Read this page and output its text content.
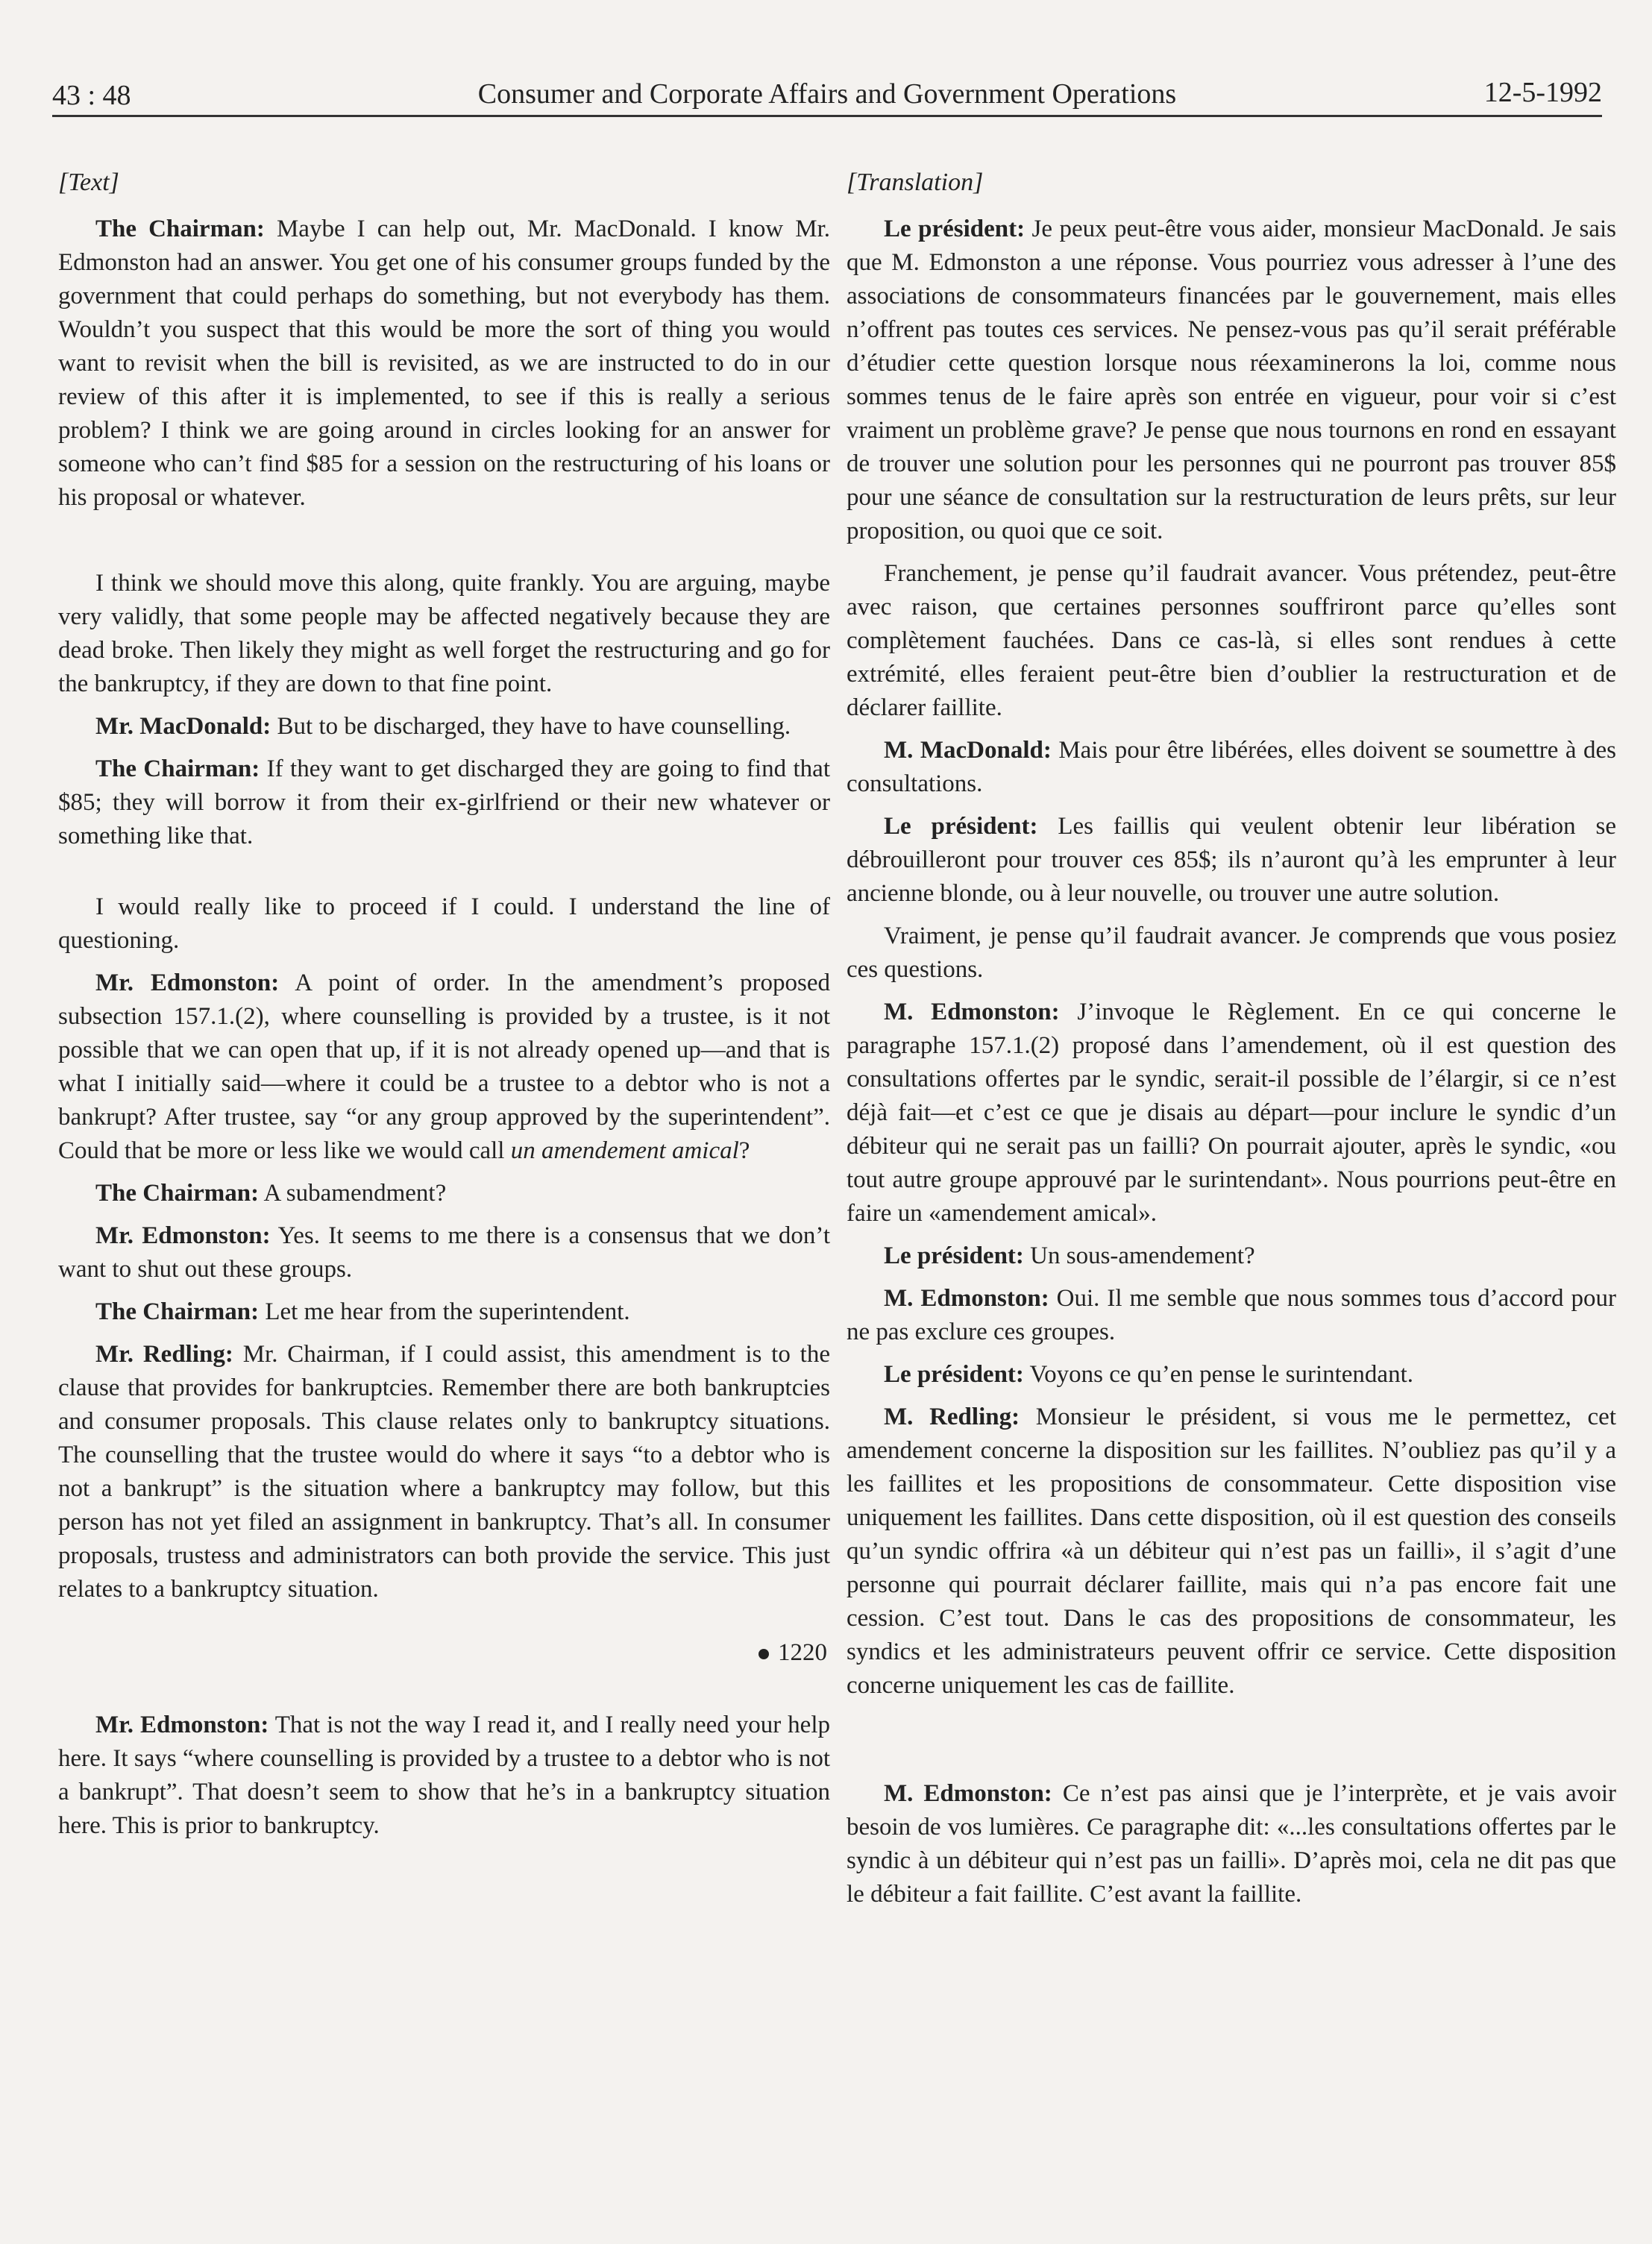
43 : 48	Consumer and Corporate Affairs and Government Operations	12-5-1992

[Text]

The Chairman: Maybe I can help out, Mr. MacDonald. I know Mr. Edmonston had an answer. You get one of his consumer groups funded by the government that could perhaps do something, but not everybody has them. Wouldn’t you suspect that this would be more the sort of thing you would want to revisit when the bill is revisited, as we are instructed to do in our review of this after it is implemented, to see if this is really a serious problem? I think we are going around in circles looking for an answer for someone who can’t find $85 for a session on the restructuring of his loans or his proposal or whatever.

I think we should move this along, quite frankly. You are arguing, maybe very validly, that some people may be affected negatively because they are dead broke. Then likely they might as well forget the restructuring and go for the bankruptcy, if they are down to that fine point.

Mr. MacDonald: But to be discharged, they have to have counselling.

The Chairman: If they want to get discharged they are going to find that $85; they will borrow it from their ex-girlfriend or their new whatever or something like that.

I would really like to proceed if I could. I understand the line of questioning.

Mr. Edmonston: A point of order. In the amendment’s proposed subsection 157.1.(2), where counselling is provided by a trustee, is it not possible that we can open that up, if it is not already opened up—and that is what I initially said—where it could be a trustee to a debtor who is not a bankrupt? After trustee, say “or any group approved by the superintendent”. Could that be more or less like we would call un amendement amical?

The Chairman: A subamendment?

Mr. Edmonston: Yes. It seems to me there is a consensus that we don’t want to shut out these groups.

The Chairman: Let me hear from the superintendent.

Mr. Redling: Mr. Chairman, if I could assist, this amendment is to the clause that provides for bankruptcies. Remember there are both bankruptcies and consumer proposals. This clause relates only to bankruptcy situations. The counselling that the trustee would do where it says “to a debtor who is not a bankrupt” is the situation where a bankruptcy may follow, but this person has not yet filed an assignment in bankruptcy. That’s all. In consumer proposals, trustess and administrators can both provide the service. This just relates to a bankruptcy situation.

1220

Mr. Edmonston: That is not the way I read it, and I really need your help here. It says “where counselling is provided by a trustee to a debtor who is not a bankrupt”. That doesn’t seem to show that he’s in a bankruptcy situation here. This is prior to bankruptcy.

[Translation]

Le président: Je peux peut-être vous aider, monsieur MacDonald. Je sais que M. Edmonston a une réponse. Vous pourriez vous adresser à l’une des associations de consommateurs financées par le gouvernement, mais elles n’offrent pas toutes ces services. Ne pensez-vous pas qu’il serait préférable d’étudier cette question lorsque nous réexaminerons la loi, comme nous sommes tenus de le faire après son entrée en vigueur, pour voir si c’est vraiment un problème grave? Je pense que nous tournons en rond en essayant de trouver une solution pour les personnes qui ne pourront pas trouver 85$ pour une séance de consultation sur la restructuration de leurs prêts, sur leur proposition, ou quoi que ce soit.

Franchement, je pense qu’il faudrait avancer. Vous prétendez, peut-être avec raison, que certaines personnes souffriront parce qu’elles sont complètement fauchées. Dans ce cas-là, si elles sont rendues à cette extrémité, elles feraient peut-être bien d’oublier la restructuration et de déclarer faillite.

M. MacDonald: Mais pour être libérées, elles doivent se soumettre à des consultations.

Le président: Les faillis qui veulent obtenir leur libération se débrouilleront pour trouver ces 85$; ils n’auront qu’à les emprunter à leur ancienne blonde, ou à leur nouvelle, ou trouver une autre solution.

Vraiment, je pense qu’il faudrait avancer. Je comprends que vous posiez ces questions.

M. Edmonston: J’invoque le Règlement. En ce qui concerne le paragraphe 157.1.(2) proposé dans l’amendement, où il est question des consultations offertes par le syndic, serait-il possible de l’élargir, si ce n’est déjà fait—et c’est ce que je disais au départ—pour inclure le syndic d’un débiteur qui ne serait pas un failli? On pourrait ajouter, après le syndic, «ou tout autre groupe approuvé par le surintendant». Nous pourrions peut-être en faire un «amendement amical».

Le président: Un sous-amendement?

M. Edmonston: Oui. Il me semble que nous sommes tous d’accord pour ne pas exclure ces groupes.

Le président: Voyons ce qu’en pense le surintendant.

M. Redling: Monsieur le président, si vous me le permettez, cet amendement concerne la disposition sur les faillites. N’oubliez pas qu’il y a les faillites et les propositions de consommateur. Cette disposition vise uniquement les faillites. Dans cette disposition, où il est question des conseils qu’un syndic offrira «à un débiteur qui n’est pas un failli», il s’agit d’une personne qui pourrait déclarer faillite, mais qui n’a pas encore fait une cession. C’est tout. Dans le cas des propositions de consommateur, les syndics et les administrateurs peuvent offrir ce service. Cette disposition concerne uniquement les cas de faillite.

M. Edmonston: Ce n’est pas ainsi que je l’interprète, et je vais avoir besoin de vos lumières. Ce paragraphe dit: «...les consultations offertes par le syndic à un débiteur qui n’est pas un failli». D’après moi, cela ne dit pas que le débiteur a fait faillite. C’est avant la faillite.
